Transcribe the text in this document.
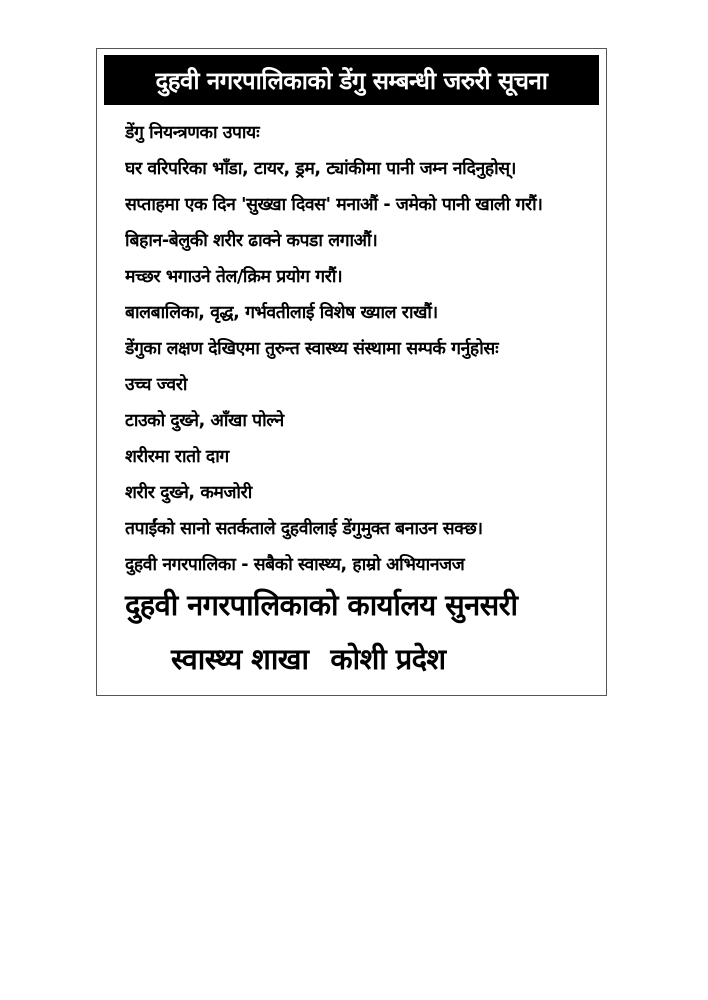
दुहवी नगरपालिकाको डेंगु सम्बन्धी जरुरी सूचना
डेंगु नियन्त्रणका उपायः
घर वरिपरिका भाँडा, टायर, ड्रम, ट्यांकीमा पानी जम्न नदिनुहोस्।
सप्ताहमा एक दिन 'सुख्खा दिवस' मनाऔं - जमेको पानी खाली गरौं।
बिहान-बेलुकी शरीर ढाक्ने कपडा लगाऔं।
मच्छर भगाउने तेल/क्रिम प्रयोग गरौं।
बालबालिका, वृद्ध, गर्भवतीलाई विशेष ख्याल राखौं।
डेंगुका लक्षण देखिएमा तुरुन्त स्वास्थ्य संस्थामा सम्पर्क गर्नुहोसः
उच्च ज्वरो
टाउको दुख्ने, आँखा पोल्ने
शरीरमा रातो दाग
शरीर दुख्ने, कमजोरी
तपाईंको सानो सतर्कताले दुहवीलाई डेंगुमुक्त बनाउन सक्छ।
दुहवी नगरपालिका - सबैको स्वास्थ्य, हाम्रो अभियानजज
दुहवी नगरपालिकाको कार्यालय सुनसरी
स्वास्थ्य शाखा कोशी प्रदेश
